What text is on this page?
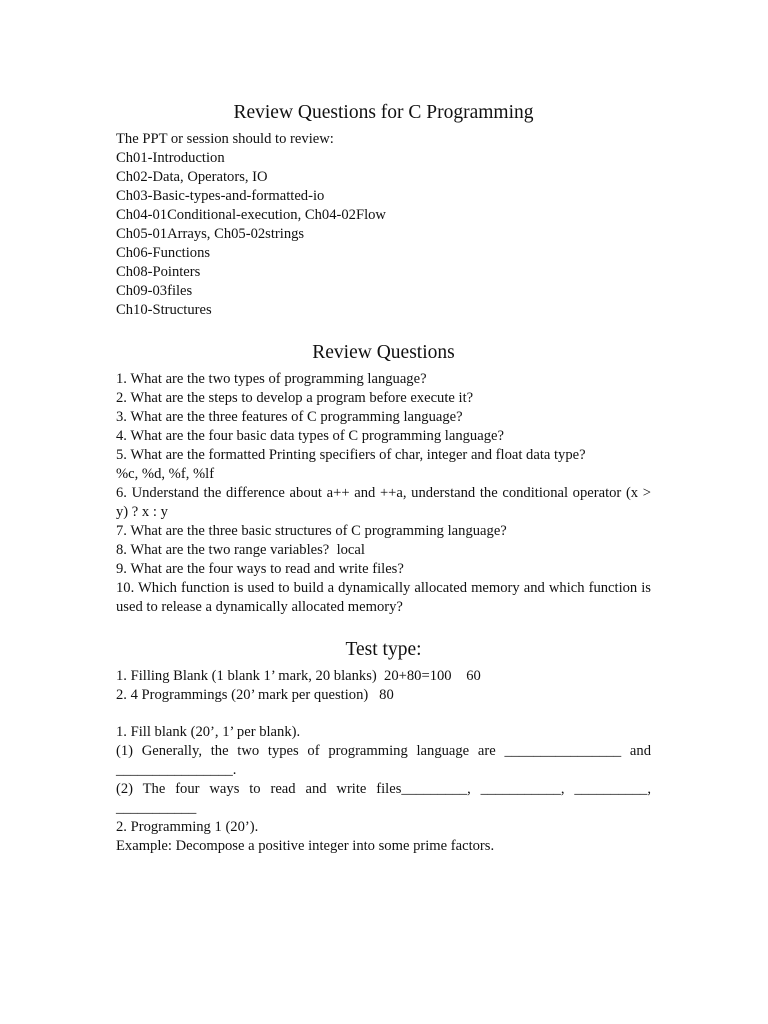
Review Questions for C Programming

The PPT or session should to review:

Ch01-Introduction

Ch02-Data, Operators, IO

Ch03-Basic-types-and-formatted-io

Ch04-01Conditional-execution, Ch04-02Flow

Ch05-01Arrays, Ch05-02strings

Ch06-Functions

Ch08-Pointers

Ch09-03files

Ch10-Structures

Review Questions

1. What are the two types of programming language?

2. What are the steps to develop a program before execute it?

3. What are the three features of C programming language?

4. What are the four basic data types of C programming language?

5. What are the formatted Printing specifiers of char, integer and float data type?

%c, %d, %f, %lf

6. Understand the difference about a++ and ++a, understand the conditional operator (x > y) ? x : y

7. What are the three basic structures of C programming language?

8. What are the two range variables?  local

9. What are the four ways to read and write files?

10. Which function is used to build a dynamically allocated memory and which function is used to release a dynamically allocated memory?

Test type:

1. Filling Blank (1 blank 1’ mark, 20 blanks)  20+80=100    60

2. 4 Programmings (20’ mark per question)   80

1. Fill blank (20’, 1’ per blank).

(1) Generally, the two types of programming language are ________________ and ________________.

(2) The four ways to read and write files_________, ___________, __________, ___________

2. Programming 1 (20’).

Example: Decompose a positive integer into some prime factors.
